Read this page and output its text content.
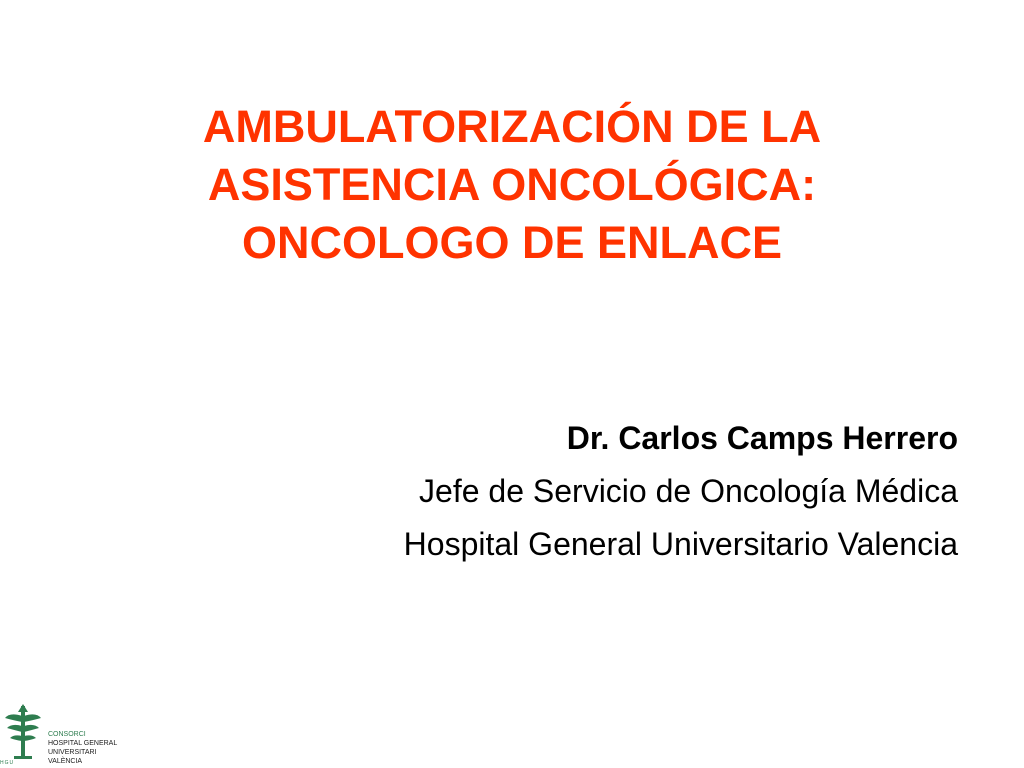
AMBULATORIZACIÓN DE LA
ASISTENCIA ONCOLÓGICA:
ONCOLOGO DE ENLACE
Dr. Carlos Camps Herrero
Jefe de Servicio de Oncología Médica
Hospital General Universitario Valencia
CONSORCI
HOSPITAL GENERAL
UNIVERSITARI
VALÈNCIA
HGU
